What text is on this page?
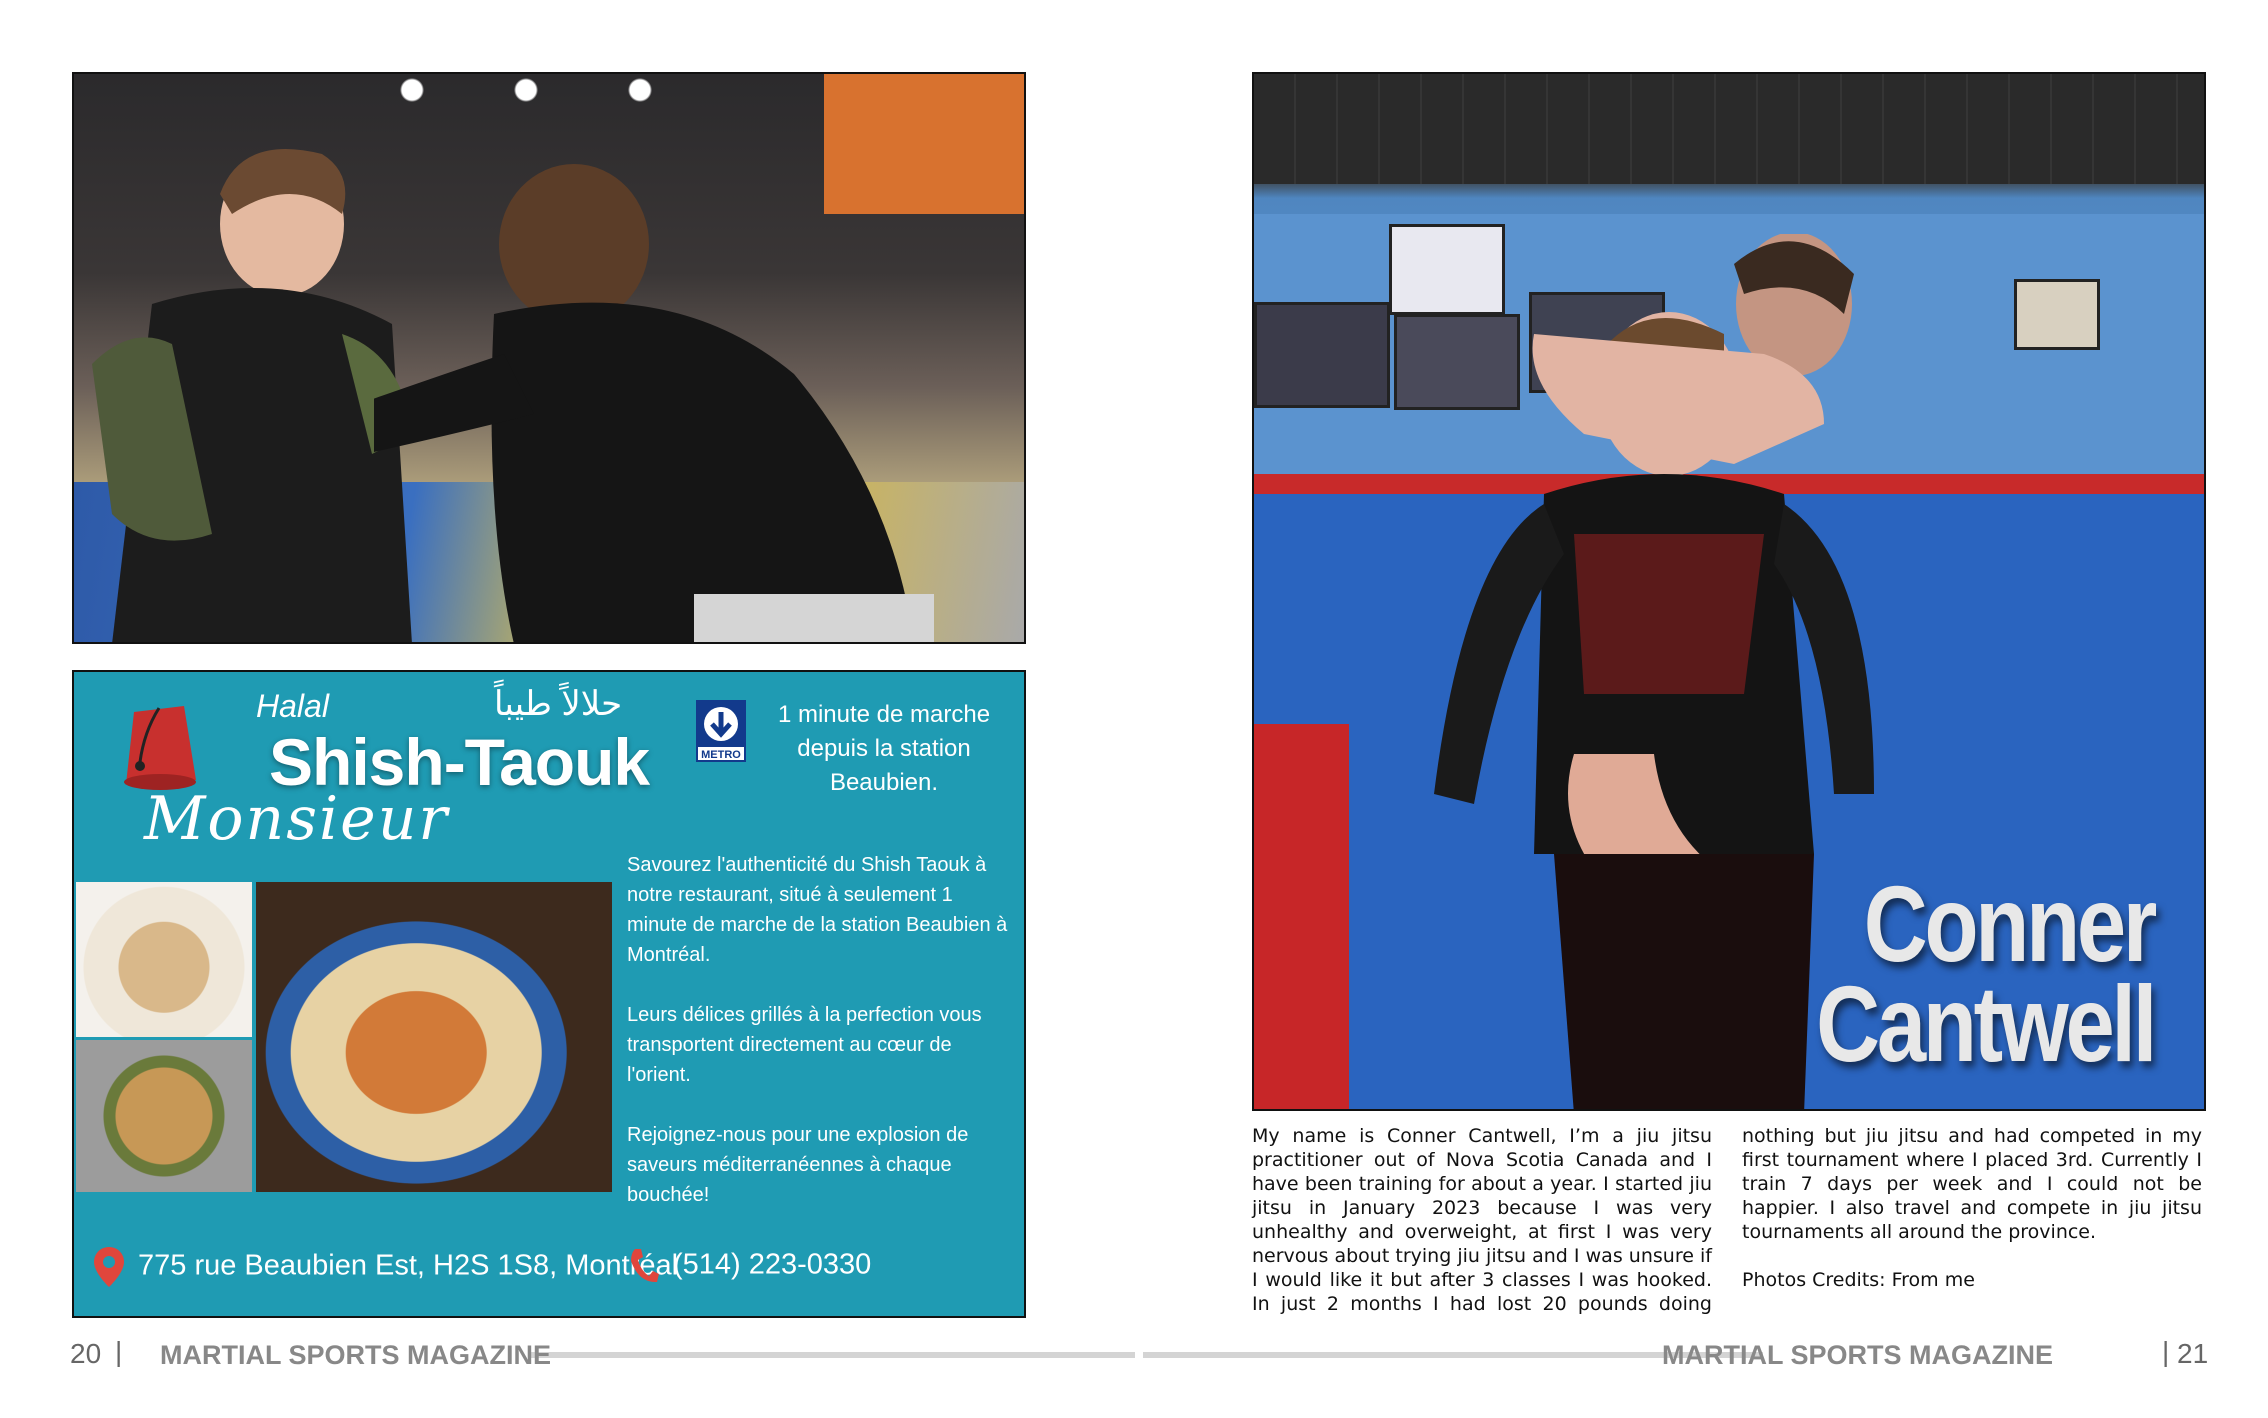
Halal	حلالاً طيباً
Shish-Taouk
Monsieur
METRO
1 minute de marche depuis la station Beaubien.

Savourez l'authenticité du Shish Taouk à notre restaurant, situé à seulement 1 minute de marche de la station Beaubien à Montréal.

Leurs délices grillés à la perfection vous transportent directement au cœur de l'orient.

Rejoignez-nous pour une explosion de saveurs méditerranéennes à chaque bouchée!

775 rue Beaubien Est, H2S 1S8, Montréal
(514) 223-0330
20 | MARTIAL SPORTS MAGAZINE
Conner
Cantwell

My name is Conner Cantwell, I’m a jiu jitsu practitioner out of Nova Scotia Canada and I have been training for about a year. I started jiu jitsu in January 2023 because I was very unhealthy and overweight, at first I was very nervous about trying jiu jitsu and I was unsure if I would like it but after 3 classes I was hooked. In just 2 months I had lost 20 pounds doing nothing but jiu jitsu and had competed in my first tournament where I placed 3rd. Currently I train 7 days per week and I could not be happier. I also travel and compete in jiu jitsu tournaments all around the province.

Photos Credits: From me

MARTIAL SPORTS MAGAZINE	| 21
